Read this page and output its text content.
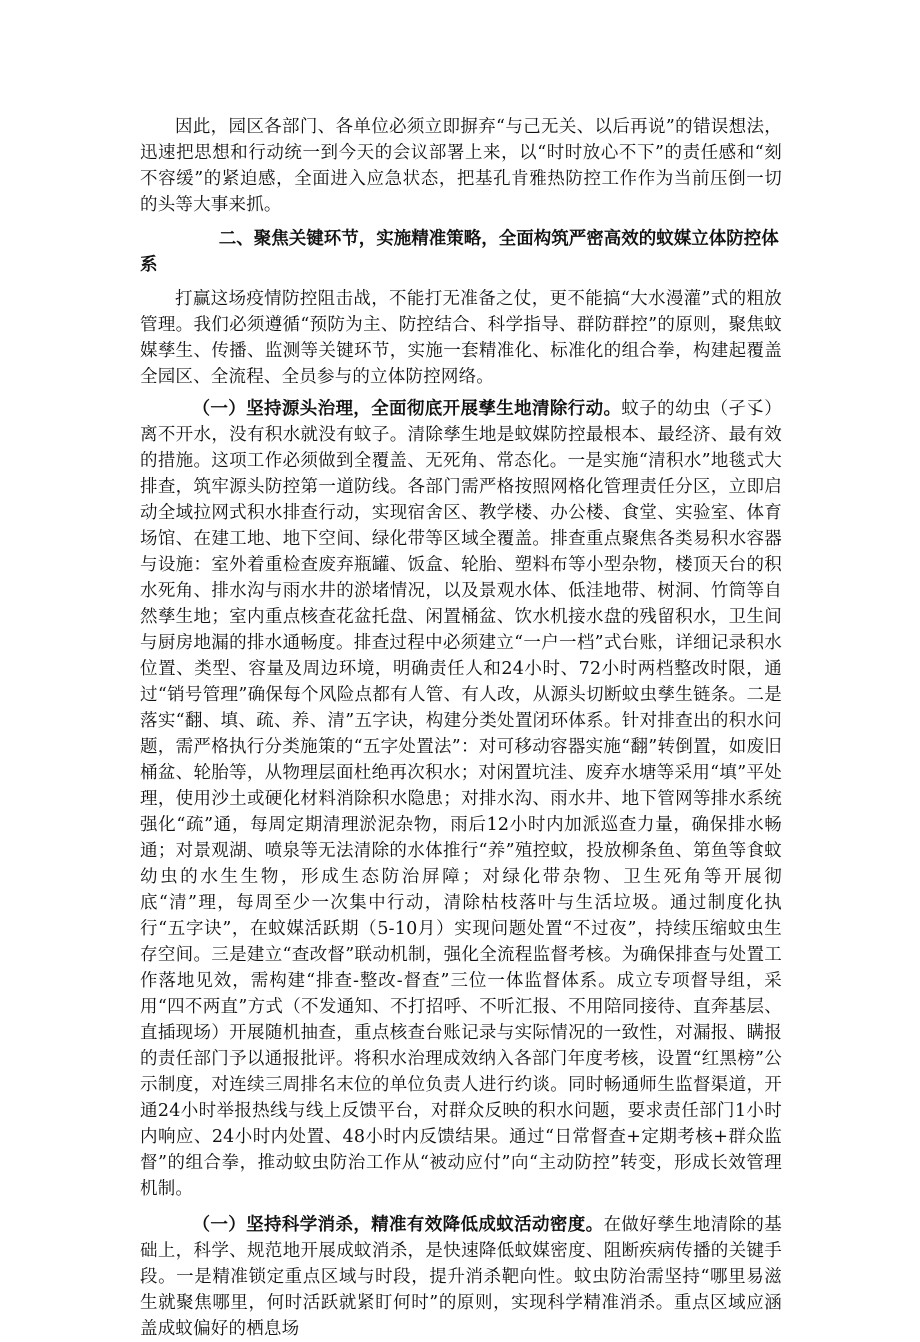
因此，园区各部门、各单位必须立即摒弃“与己无关、以后再说”的错误想法，迅速把思想和行动统一到今天的会议部署上来，以“时时放心不下”的责任感和“刻不容缓”的紧迫感，全面进入应急状态，把基孔肯雅热防控工作作为当前压倒一切的头等大事来抓。

二、聚焦关键环节，实施精准策略，全面构筑严密高效的蚊媒立体防控体系

打赢这场疫情防控阻击战，不能打无准备之仗，更不能搞“大水漫灌”式的粗放管理。我们必须遵循“预防为主、防控结合、科学指导、群防群控”的原则，聚焦蚊媒孳生、传播、监测等关键环节，实施一套精准化、标准化的组合拳，构建起覆盖全园区、全流程、全员参与的立体防控网络。

（一）坚持源头治理，全面彻底开展孳生地清除行动。蚊子的幼虫（孑孓）离不开水，没有积水就没有蚊子。清除孳生地是蚊媒防控最根本、最经济、最有效的措施。这项工作必须做到全覆盖、无死角、常态化。一是实施“清积水”地毯式大排查，筑牢源头防控第一道防线。各部门需严格按照网格化管理责任分区，立即启动全域拉网式积水排查行动，实现宿舍区、教学楼、办公楼、食堂、实验室、体育场馆、在建工地、地下空间、绿化带等区域全覆盖。排查重点聚焦各类易积水容器与设施：室外着重检查废弃瓶罐、饭盒、轮胎、塑料布等小型杂物，楼顶天台的积水死角、排水沟与雨水井的淤堵情况，以及景观水体、低洼地带、树洞、竹筒等自然孳生地；室内重点核查花盆托盘、闲置桶盆、饮水机接水盘的残留积水，卫生间与厨房地漏的排水通畅度。排查过程中必须建立“一户一档”式台账，详细记录积水位置、类型、容量及周边环境，明确责任人和24小时、72小时两档整改时限，通过“销号管理”确保每个风险点都有人管、有人改，从源头切断蚊虫孳生链条。二是落实“翻、填、疏、养、清”五字诀，构建分类处置闭环体系。针对排查出的积水问题，需严格执行分类施策的“五字处置法”：对可移动容器实施“翻”转倒置，如废旧桶盆、轮胎等，从物理层面杜绝再次积水；对闲置坑洼、废弃水塘等采用“填”平处理，使用沙土或硬化材料消除积水隐患；对排水沟、雨水井、地下管网等排水系统强化“疏”通，每周定期清理淤泥杂物，雨后12小时内加派巡查力量，确保排水畅通；对景观湖、喷泉等无法清除的水体推行“养”殖控蚊，投放柳条鱼、第鱼等食蚊幼虫的水生生物，形成生态防治屏障；对绿化带杂物、卫生死角等开展彻底“清”理，每周至少一次集中行动，清除枯枝落叶与生活垃圾。通过制度化执行“五字诀”，在蚊媒活跃期（5-10月）实现问题处置“不过夜”，持续压缩蚊虫生存空间。三是建立“查改督”联动机制，强化全流程监督考核。为确保排查与处置工作落地见效，需构建“排查-整改-督查”三位一体监督体系。成立专项督导组，采用“四不两直”方式（不发通知、不打招呼、不听汇报、不用陪同接待、直奔基层、直插现场）开展随机抽查，重点核查台账记录与实际情况的一致性，对漏报、瞒报的责任部门予以通报批评。将积水治理成效纳入各部门年度考核，设置“红黑榜”公示制度，对连续三周排名末位的单位负责人进行约谈。同时畅通师生监督渠道，开通24小时举报热线与线上反馈平台，对群众反映的积水问题，要求责任部门1小时内响应、24小时内处置、48小时内反馈结果。通过“日常督查+定期考核+群众监督”的组合拳，推动蚊虫防治工作从“被动应付”向“主动防控”转变，形成长效管理机制。

（一）坚持科学消杀，精准有效降低成蚊活动密度。在做好孳生地清除的基础上，科学、规范地开展成蚊消杀，是快速降低蚊媒密度、阻断疾病传播的关键手段。一是精准锁定重点区域与时段，提升消杀靶向性。蚊虫防治需坚持“哪里易滋生就聚焦哪里，何时活跃就紧盯何时”的原则，实现科学精准消杀。重点区域应涵盖成蚊偏好的栖息场
